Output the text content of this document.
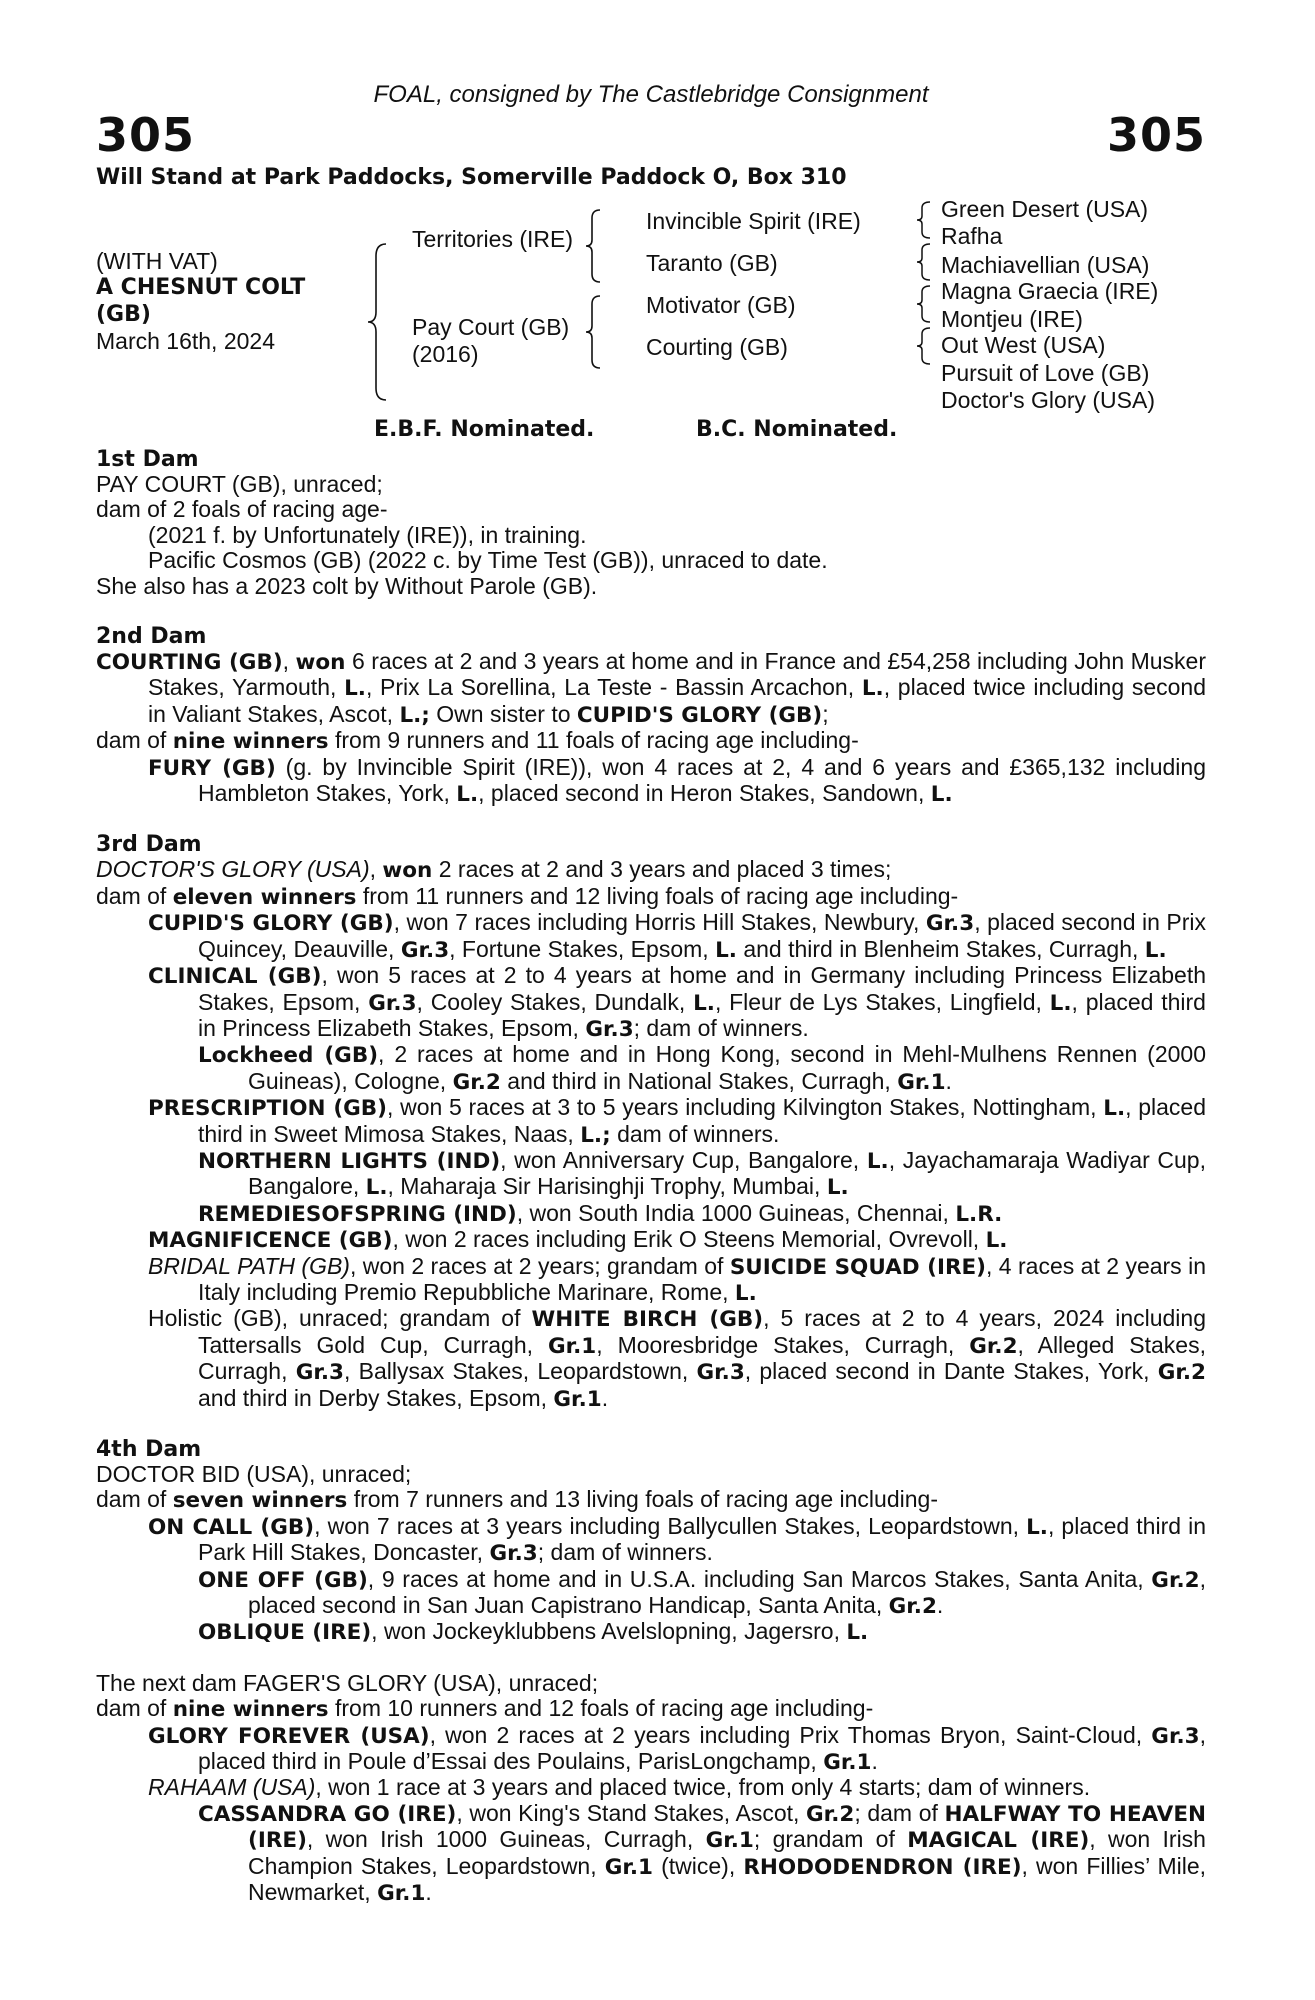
FOAL, consigned by The Castlebridge Consignment

305	305
Will Stand at Park Paddocks, Somerville Paddock O, Box 310
(WITH VAT)
A CHESNUT COLT
(GB)
March 16th, 2024
Territories (IRE)
Pay Court (GB)
(2016)
Invincible Spirit (IRE)
Taranto (GB)
Motivator (GB)
Courting (GB)
Green Desert (USA)
Rafha
Machiavellian (USA)
Magna Graecia (IRE)
Montjeu (IRE)
Out West (USA)
Pursuit of Love (GB)
Doctor's Glory (USA)
E.B.F. Nominated.	B.C. Nominated.
1st Dam

PAY COURT (GB), unraced;

dam of 2 foals of racing age-

(2021 f. by Unfortunately (IRE)), in training.

Pacific Cosmos (GB) (2022 c. by Time Test (GB)), unraced to date.

She also has a 2023 colt by Without Parole (GB).

2nd Dam

COURTING (GB), won 6 races at 2 and 3 years at home and in France and £54,258 including John Musker Stakes, Yarmouth, L., Prix La Sorellina, La Teste - Bassin Arcachon, L., placed twice including second in Valiant Stakes, Ascot, L.; Own sister to CUPID'S GLORY (GB);

dam of nine winners from 9 runners and 11 foals of racing age including-

FURY (GB) (g. by Invincible Spirit (IRE)), won 4 races at 2, 4 and 6 years and £365,132 including Hambleton Stakes, York, L., placed second in Heron Stakes, Sandown, L.

3rd Dam

DOCTOR'S GLORY (USA), won 2 races at 2 and 3 years and placed 3 times;

dam of eleven winners from 11 runners and 12 living foals of racing age including-

CUPID'S GLORY (GB), won 7 races including Horris Hill Stakes, Newbury, Gr.3, placed second in Prix Quincey, Deauville, Gr.3, Fortune Stakes, Epsom, L. and third in Blenheim Stakes, Curragh, L.

CLINICAL (GB), won 5 races at 2 to 4 years at home and in Germany including Princess Elizabeth Stakes, Epsom, Gr.3, Cooley Stakes, Dundalk, L., Fleur de Lys Stakes, Lingfield, L., placed third in Princess Elizabeth Stakes, Epsom, Gr.3; dam of winners.

Lockheed (GB), 2 races at home and in Hong Kong, second in Mehl-Mulhens Rennen (2000 Guineas), Cologne, Gr.2 and third in National Stakes, Curragh, Gr.1.

PRESCRIPTION (GB), won 5 races at 3 to 5 years including Kilvington Stakes, Nottingham, L., placed third in Sweet Mimosa Stakes, Naas, L.; dam of winners.

NORTHERN LIGHTS (IND), won Anniversary Cup, Bangalore, L., Jayachamaraja Wadiyar Cup, Bangalore, L., Maharaja Sir Harisinghji Trophy, Mumbai, L.

REMEDIESOFSPRING (IND), won South India 1000 Guineas, Chennai, L.R.

MAGNIFICENCE (GB), won 2 races including Erik O Steens Memorial, Ovrevoll, L.

BRIDAL PATH (GB), won 2 races at 2 years; grandam of SUICIDE SQUAD (IRE), 4 races at 2 years in Italy including Premio Repubbliche Marinare, Rome, L.

Holistic (GB), unraced; grandam of WHITE BIRCH (GB), 5 races at 2 to 4 years, 2024 including Tattersalls Gold Cup, Curragh, Gr.1, Mooresbridge Stakes, Curragh, Gr.2, Alleged Stakes, Curragh, Gr.3, Ballysax Stakes, Leopardstown, Gr.3, placed second in Dante Stakes, York, Gr.2 and third in Derby Stakes, Epsom, Gr.1.

4th Dam

DOCTOR BID (USA), unraced;

dam of seven winners from 7 runners and 13 living foals of racing age including-

ON CALL (GB), won 7 races at 3 years including Ballycullen Stakes, Leopardstown, L., placed third in Park Hill Stakes, Doncaster, Gr.3; dam of winners.

ONE OFF (GB), 9 races at home and in U.S.A. including San Marcos Stakes, Santa Anita, Gr.2, placed second in San Juan Capistrano Handicap, Santa Anita, Gr.2.

OBLIQUE (IRE), won Jockeyklubbens Avelslopning, Jagersro, L.

The next dam FAGER'S GLORY (USA), unraced;

dam of nine winners from 10 runners and 12 foals of racing age including-

GLORY FOREVER (USA), won 2 races at 2 years including Prix Thomas Bryon, Saint-Cloud, Gr.3, placed third in Poule d’Essai des Poulains, ParisLongchamp, Gr.1.

RAHAAM (USA), won 1 race at 3 years and placed twice, from only 4 starts; dam of winners.

CASSANDRA GO (IRE), won King's Stand Stakes, Ascot, Gr.2; dam of HALFWAY TO HEAVEN (IRE), won Irish 1000 Guineas, Curragh, Gr.1; grandam of MAGICAL (IRE), won Irish Champion Stakes, Leopardstown, Gr.1 (twice), RHODODENDRON (IRE), won Fillies’ Mile, Newmarket, Gr.1.
